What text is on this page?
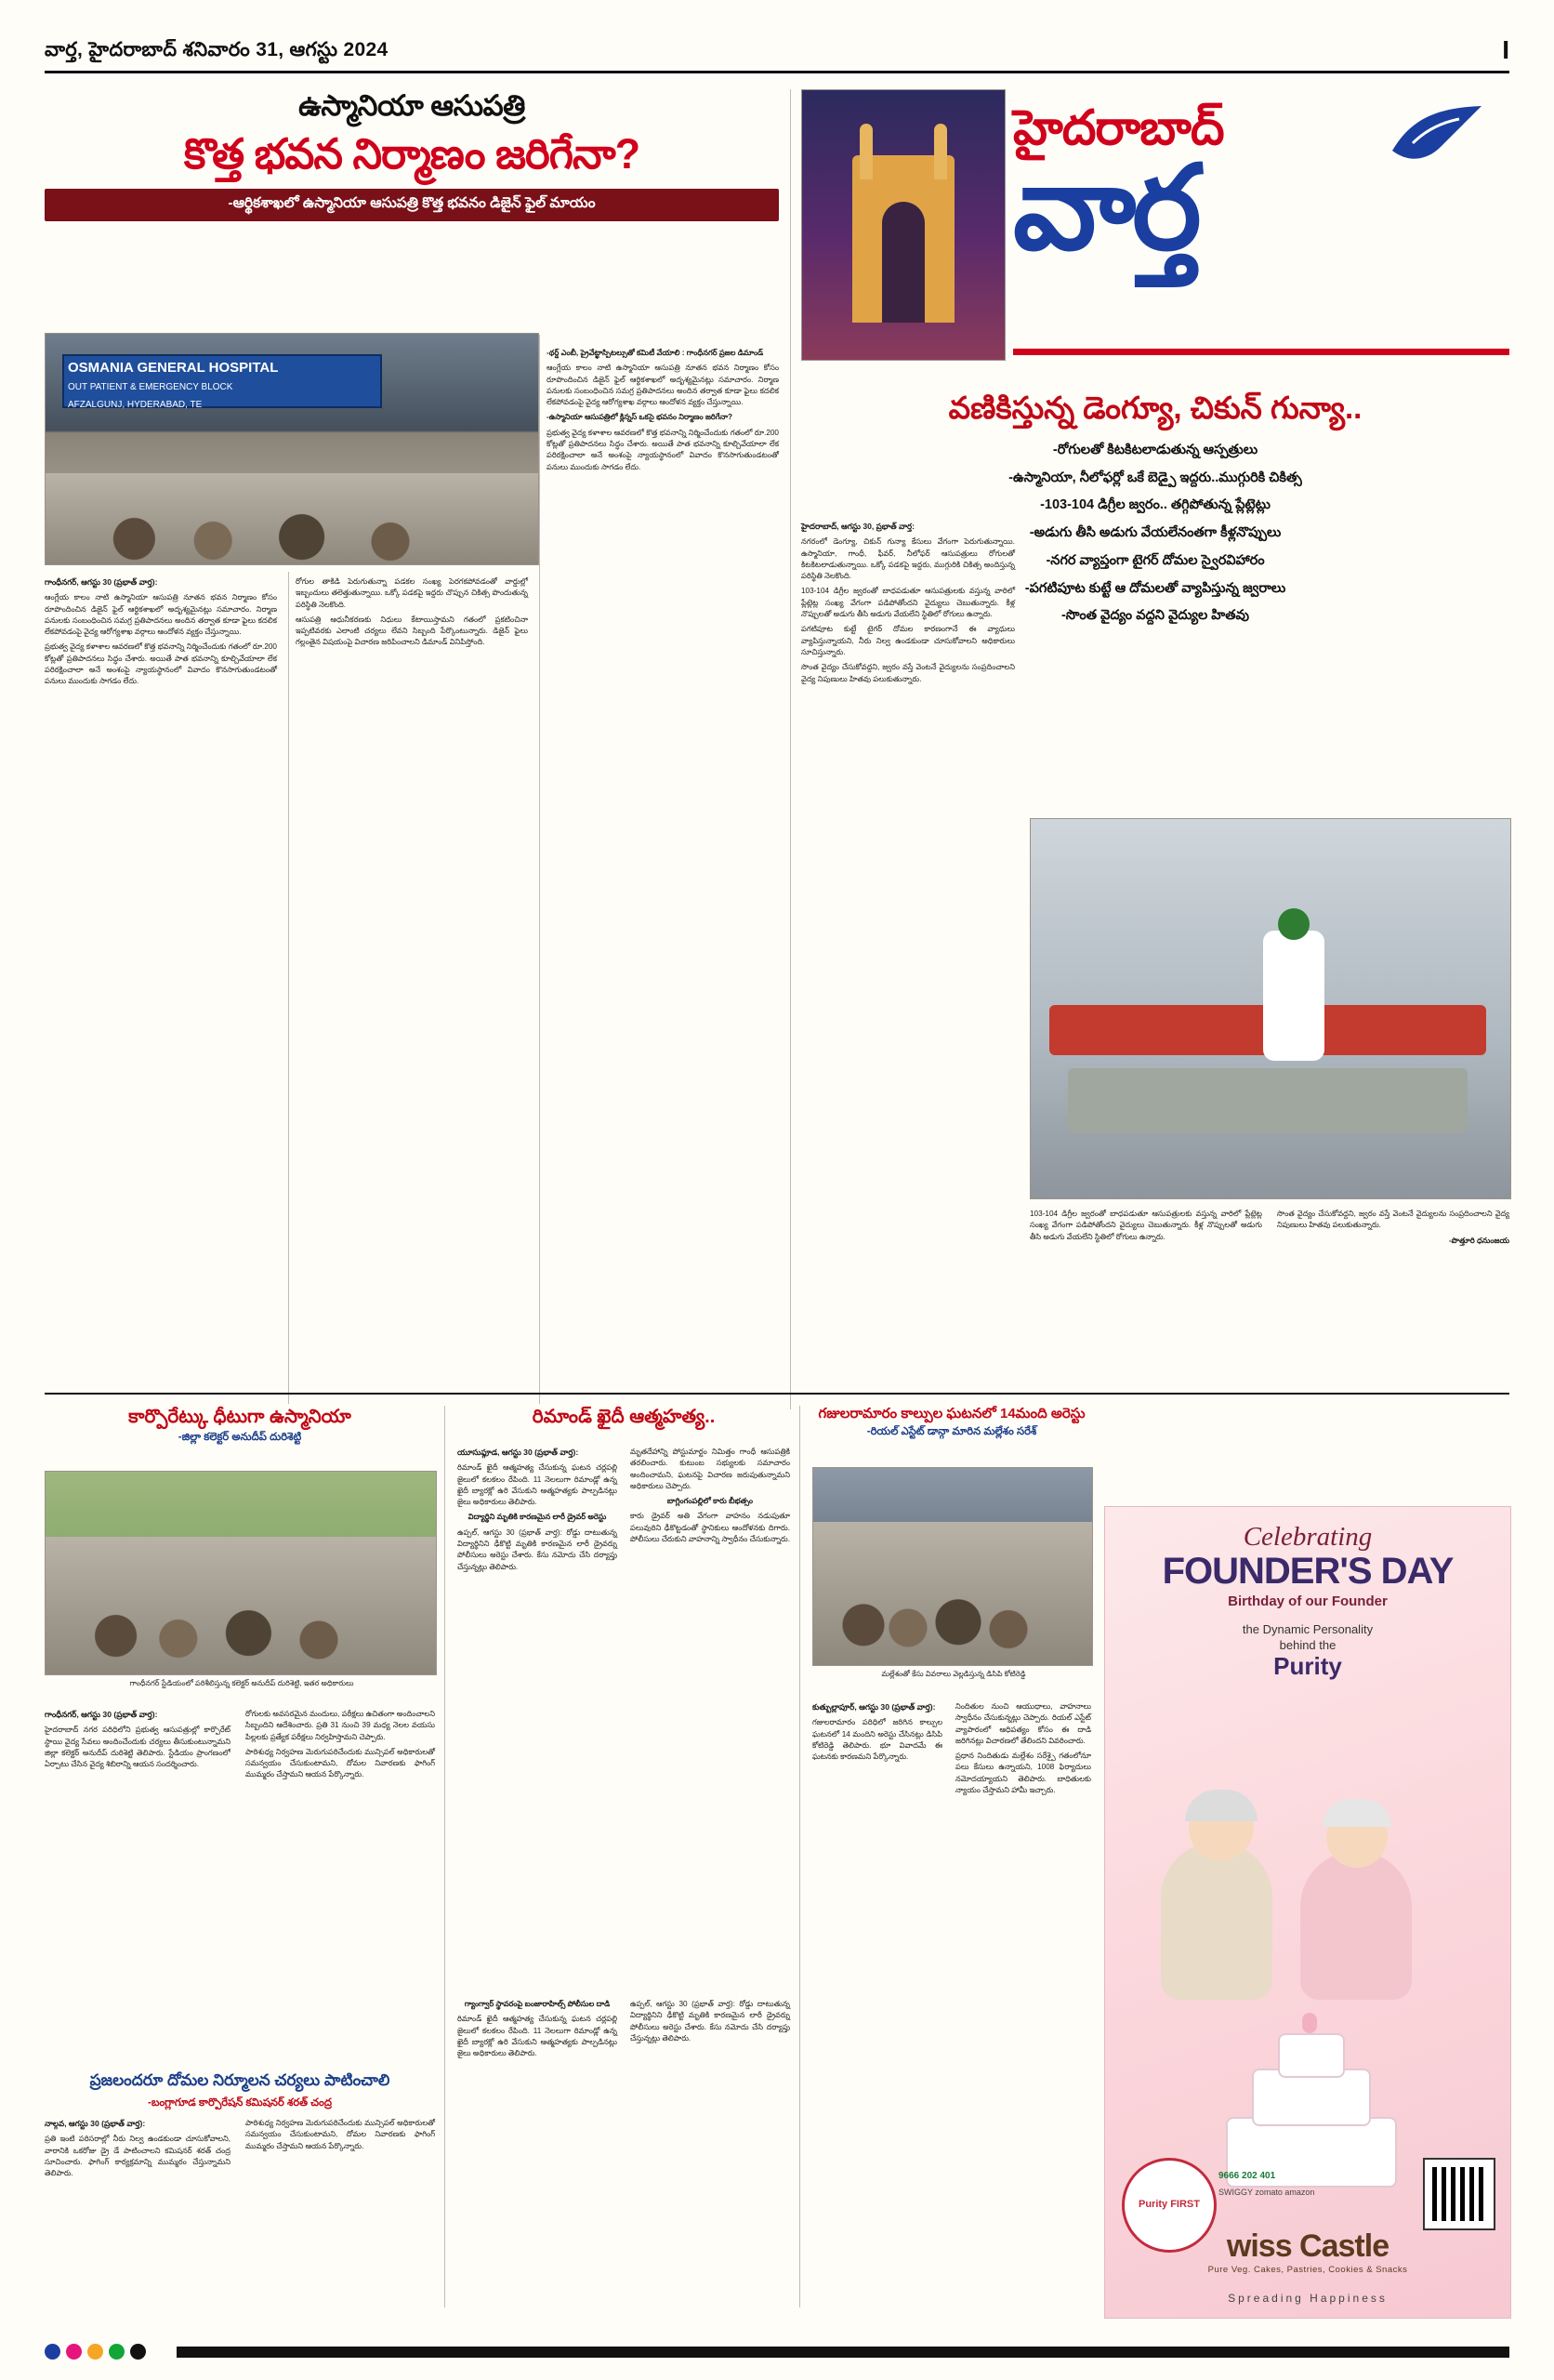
వార్త, హైదరాబాద్ శనివారం 31, ఆగస్టు 2024	I
ఉస్మానియా ఆసుపత్రి
కొత్త భవన నిర్మాణం జరిగేనా?
-ఆర్థికశాఖలో ఉస్మానియా ఆసుపత్రి కొత్త భవనం డిజైన్ ఫైల్ మాయం
OSMANIA GENERAL HOSPITAL
OUT PATIENT & EMERGENCY BLOCK
AFZALGUNJ, HYDERABAD, TE

గాంధీనగర్, ఆగస్టు 30 (ప్రభాత్ వార్త):

ఆంగ్లేయ కాలం నాటి ఉస్మానియా ఆసుపత్రి నూతన భవన నిర్మాణం కోసం రూపొందించిన డిజైన్ ఫైల్ ఆర్థికశాఖలో అదృశ్యమైనట్లు సమాచారం. నిర్మాణ పనులకు సంబంధించిన సమగ్ర ప్రతిపాదనలు అందిన తర్వాత కూడా ఫైలు కదలిక లేకపోవడంపై వైద్య ఆరోగ్యశాఖ వర్గాలు ఆందోళన వ్యక్తం చేస్తున్నాయి.

ప్రభుత్వ వైద్య కళాశాల ఆవరణలో కొత్త భవనాన్ని నిర్మించేందుకు గతంలో రూ.200 కోట్లతో ప్రతిపాదనలు సిద్ధం చేశారు. అయితే పాత భవనాన్ని కూల్చివేయాలా లేక పరిరక్షించాలా అనే అంశంపై న్యాయస్థానంలో వివాదం కొనసాగుతుండటంతో పనులు ముందుకు సాగడం లేదు.

రోగుల తాకిడి పెరుగుతున్నా పడకల సంఖ్య పెరగకపోవడంతో వార్డుల్లో ఇబ్బందులు తలెత్తుతున్నాయి. ఒక్కో పడకపై ఇద్దరు చొప్పున చికిత్స పొందుతున్న పరిస్థితి నెలకొంది.

ఆసుపత్రి ఆధునీకరణకు నిధులు కేటాయిస్తామని గతంలో ప్రకటించినా ఇప్పటివరకు ఎలాంటి చర్యలు లేవని సిబ్బంది పేర్కొంటున్నారు. డిజైన్ ఫైలు గల్లంతైన విషయంపై విచారణ జరిపించాలని డిమాండ్ వినిపిస్తోంది.

-థర్డ్ ఎంబీ, ప్రైవేట్ఖాస్పిటల్సుతో కమిటీ వేయాలి : గాంధీనగర్ ప్రజల డిమాండ్

ఆంగ్లేయ కాలం నాటి ఉస్మానియా ఆసుపత్రి నూతన భవన నిర్మాణం కోసం రూపొందించిన డిజైన్ ఫైల్ ఆర్థికశాఖలో అదృశ్యమైనట్లు సమాచారం. నిర్మాణ పనులకు సంబంధించిన సమగ్ర ప్రతిపాదనలు అందిన తర్వాత కూడా ఫైలు కదలిక లేకపోవడంపై వైద్య ఆరోగ్యశాఖ వర్గాలు ఆందోళన వ్యక్తం చేస్తున్నాయి.

-ఉస్మానియా ఆసుపత్రిలో క్లిన్నస్ ఒకసై భవనం నిర్మాణం జరిగేనా?

ప్రభుత్వ వైద్య కళాశాల ఆవరణలో కొత్త భవనాన్ని నిర్మించేందుకు గతంలో రూ.200 కోట్లతో ప్రతిపాదనలు సిద్ధం చేశారు. అయితే పాత భవనాన్ని కూల్చివేయాలా లేక పరిరక్షించాలా అనే అంశంపై న్యాయస్థానంలో వివాదం కొనసాగుతుండటంతో పనులు ముందుకు సాగడం లేదు.

హైదరాబాద్
వార్త
వణికిస్తున్న డెంగ్యూ, చికున్ గున్యా..
-రోగులతో కిటకిటలాడుతున్న ఆస్పత్రులు
-ఉస్మానియా, నీలోఫర్లో ఒకే బెడ్పై ఇద్దరు..ముగ్గురికి చికిత్స
-103-104 డిగ్రీల జ్వరం.. తగ్గిపోతున్న ప్లేట్లెట్లు
-అడుగు తీసి అడుగు వేయలేనంతగా కీళ్లనొప్పులు
-నగర వ్యాప్తంగా టైగర్ దోమల స్వైరవిహారం
-పగటిపూట కుట్టే ఆ దోమలతో వ్యాపిస్తున్న జ్వరాలు
-సొంత వైద్యం వద్దని వైద్యుల హితవు

హైదరాబాద్, ఆగస్టు 30, ప్రభాత్ వార్త:

నగరంలో డెంగ్యూ, చికున్ గున్యా కేసులు వేగంగా పెరుగుతున్నాయి. ఉస్మానియా, గాంధీ, ఫీవర్, నీలోఫర్ ఆసుపత్రులు రోగులతో కిటకిటలాడుతున్నాయి. ఒక్కో పడకపై ఇద్దరు, ముగ్గురికి చికిత్స అందిస్తున్న పరిస్థితి నెలకొంది.

103-104 డిగ్రీల జ్వరంతో బాధపడుతూ ఆసుపత్రులకు వస్తున్న వారిలో ప్లేట్లెట్ల సంఖ్య వేగంగా పడిపోతోందని వైద్యులు చెబుతున్నారు. కీళ్ల నొప్పులతో అడుగు తీసి అడుగు వేయలేని స్థితిలో రోగులు ఉన్నారు.

పగటిపూట కుట్టే టైగర్ దోమల కారణంగానే ఈ వ్యాధులు వ్యాపిస్తున్నాయని, నీరు నిల్వ ఉండకుండా చూసుకోవాలని అధికారులు సూచిస్తున్నారు.

సొంత వైద్యం చేసుకోవద్దని, జ్వరం వస్తే వెంటనే వైద్యులను సంప్రదించాలని వైద్య నిపుణులు హితవు పలుకుతున్నారు.

103-104 డిగ్రీల జ్వరంతో బాధపడుతూ ఆసుపత్రులకు వస్తున్న వారిలో ప్లేట్లెట్ల సంఖ్య వేగంగా పడిపోతోందని వైద్యులు చెబుతున్నారు. కీళ్ల నొప్పులతో అడుగు తీసి అడుగు వేయలేని స్థితిలో రోగులు ఉన్నారు.

సొంత వైద్యం చేసుకోవద్దని, జ్వరం వస్తే వెంటనే వైద్యులను సంప్రదించాలని వైద్య నిపుణులు హితవు పలుకుతున్నారు.

-పొత్తూరి ధనుంజయ

కార్పొరేట్కు ధీటుగా ఉస్మానియా
-జిల్లా కలెక్టర్ అనుదీప్ దురిశెట్టి
గాంధీనగర్ స్టేడియంలో పరిశీలిస్తున్న కలెక్టర్ అనుదీప్ దురిశెట్టి, ఇతర అధికారులు

గాంధీనగర్, ఆగస్టు 30 (ప్రభాత్ వార్త):

హైదరాబాద్ నగర పరిధిలోని ప్రభుత్వ ఆసుపత్రుల్లో కార్పొరేట్ స్థాయి వైద్య సేవలు అందించేందుకు చర్యలు తీసుకుంటున్నామని జిల్లా కలెక్టర్ అనుదీప్ దురిశెట్టి తెలిపారు. స్టేడియం ప్రాంగణంలో ఏర్పాటు చేసిన వైద్య శిబిరాన్ని ఆయన సందర్శించారు.

రోగులకు అవసరమైన మందులు, పరీక్షలు ఉచితంగా అందించాలని సిబ్బందిని ఆదేశించారు. ప్రతి 31 నుంచి 39 మధ్య నెలల వయసు పిల్లలకు ప్రత్యేక పరీక్షలు నిర్వహిస్తామని చెప్పారు.

పారిశుధ్య నిర్వహణ మెరుగుపరిచేందుకు మున్సిపల్ అధికారులతో సమన్వయం చేసుకుంటామని, దోమల నివారణకు ఫాగింగ్ ముమ్మరం చేస్తామని ఆయన పేర్కొన్నారు.

ప్రజలందరూ దోమల నిర్మూలన చర్యలు పాటించాలి
-బంగ్లాగూడ కార్పొరేషన్ కమిషనర్ శరత్ చంద్ర

నాల్గవ, ఆగస్టు 30 (ప్రభాత్ వార్త):

ప్రతి ఇంటి పరిసరాల్లో నీరు నిల్వ ఉండకుండా చూసుకోవాలని, వారానికి ఒకరోజు డ్రై డే పాటించాలని కమిషనర్ శరత్ చంద్ర సూచించారు. ఫాగింగ్ కార్యక్రమాన్ని ముమ్మరం చేస్తున్నామని తెలిపారు.

పారిశుధ్య నిర్వహణ మెరుగుపరిచేందుకు మున్సిపల్ అధికారులతో సమన్వయం చేసుకుంటామని, దోమల నివారణకు ఫాగింగ్ ముమ్మరం చేస్తామని ఆయన పేర్కొన్నారు.

రిమాండ్ ఖైదీ ఆత్మహత్య..

యూసుఫ్గూడ, ఆగస్టు 30 (ప్రభాత్ వార్త):

రిమాండ్ ఖైదీ ఆత్మహత్య చేసుకున్న ఘటన చర్లపల్లి జైలులో కలకలం రేపింది. 11 నెలలుగా రిమాండ్లో ఉన్న ఖైదీ బ్యారక్లో ఉరి వేసుకుని ఆత్మహత్యకు పాల్పడినట్లు జైలు అధికారులు తెలిపారు.

విద్యార్థిని మృతికి కారణమైన లారీ డ్రైవర్ అరెస్టు

ఉప్పల్, ఆగస్టు 30 (ప్రభాత్ వార్త): రోడ్డు దాటుతున్న విద్యార్థినిని ఢీకొట్టి మృతికి కారణమైన లారీ డ్రైవర్ను పోలీసులు అరెస్టు చేశారు. కేసు నమోదు చేసి దర్యాప్తు చేస్తున్నట్లు తెలిపారు.

మృతదేహాన్ని పోస్టుమార్టం నిమిత్తం గాంధీ ఆసుపత్రికి తరలించారు. కుటుంబ సభ్యులకు సమాచారం అందించామని, ఘటనపై విచారణ జరుపుతున్నామని అధికారులు చెప్పారు.

బాగ్లింగంపల్లిలో కారు బీభత్సం

కారు డ్రైవర్ అతి వేగంగా వాహనం నడుపుతూ పలువురిని ఢీకొట్టడంతో స్థానికులు ఆందోళనకు దిగారు. పోలీసులు చేరుకుని వాహనాన్ని స్వాధీనం చేసుకున్నారు.

గ్యాంగ్వార్ స్థావరంపై బంజారాహిల్స్ పోలీసుల దాడి

రిమాండ్ ఖైదీ ఆత్మహత్య చేసుకున్న ఘటన చర్లపల్లి జైలులో కలకలం రేపింది. 11 నెలలుగా రిమాండ్లో ఉన్న ఖైదీ బ్యారక్లో ఉరి వేసుకుని ఆత్మహత్యకు పాల్పడినట్లు జైలు అధికారులు తెలిపారు.

ఉప్పల్, ఆగస్టు 30 (ప్రభాత్ వార్త): రోడ్డు దాటుతున్న విద్యార్థినిని ఢీకొట్టి మృతికి కారణమైన లారీ డ్రైవర్ను పోలీసులు అరెస్టు చేశారు. కేసు నమోదు చేసి దర్యాప్తు చేస్తున్నట్లు తెలిపారు.

గజులరామారం కాల్పుల ఘటనలో 14మంది అరెస్టు
-రియల్ ఎస్టేట్ డాన్గా మారిన మల్లేశం సరేశ్
మల్లేశంతో కేసు వివరాలు వెల్లడిస్తున్న డిసిపి కోటిరెడ్డి

కుత్బుల్లాపూర్, ఆగస్టు 30 (ప్రభాత్ వార్త):

గజులరామారం పరిధిలో జరిగిన కాల్పుల ఘటనలో 14 మందిని అరెస్టు చేసినట్లు డిసిపి కోటిరెడ్డి తెలిపారు. భూ వివాదమే ఈ ఘటనకు కారణమని పేర్కొన్నారు.

నిందితుల నుంచి ఆయుధాలు, వాహనాలు స్వాధీనం చేసుకున్నట్లు చెప్పారు. రియల్ ఎస్టేట్ వ్యాపారంలో ఆధిపత్యం కోసం ఈ దాడి జరిగినట్లు విచారణలో తేలిందని వివరించారు.

ప్రధాన నిందితుడు మల్లేశం సరేశ్పై గతంలోనూ పలు కేసులు ఉన్నాయని, 1008 ఫిర్యాదులు నమోదయ్యాయని తెలిపారు. బాధితులకు న్యాయం చేస్తామని హామీ ఇచ్చారు.

Celebrating
FOUNDER'S DAY
Birthday of our Founder
the Dynamic Personality
behind the
Purity
Purity FIRST
9666 202 401
SWIGGY zomato amazon
wiss Castle
Pure Veg. Cakes, Pastries, Cookies & Snacks
Spreading Happiness
